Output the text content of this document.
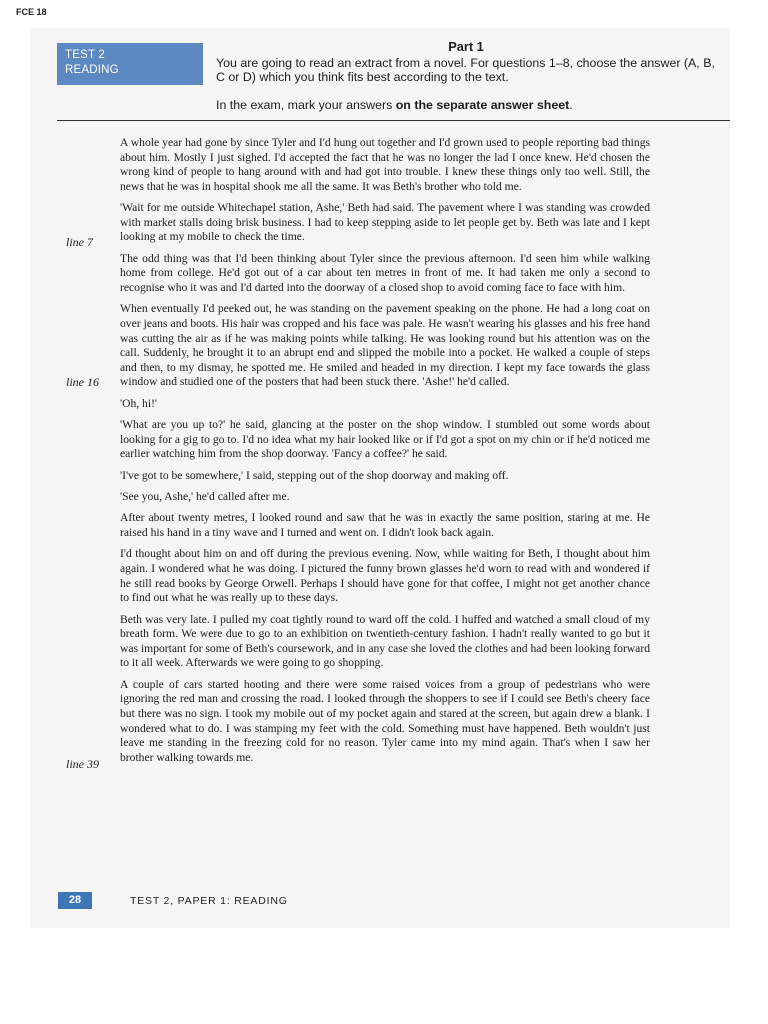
FCE 18
TEST 2
READING
Part 1

You are going to read an extract from a novel. For questions 1–8, choose the answer (A, B, C or D) which you think fits best according to the text.

In the exam, mark your answers on the separate answer sheet.

line 7
line 16
line 39

A whole year had gone by since Tyler and I'd hung out together and I'd grown used to people reporting bad things about him. Mostly I just sighed. I'd accepted the fact that he was no longer the lad I once knew. He'd chosen the wrong kind of people to hang around with and had got into trouble. I knew these things only too well. Still, the news that he was in hospital shook me all the same. It was Beth's brother who told me.

'Wait for me outside Whitechapel station, Ashe,' Beth had said. The pavement where I was standing was crowded with market stalls doing brisk business. I had to keep stepping aside to let people get by. Beth was late and I kept looking at my mobile to check the time.

The odd thing was that I'd been thinking about Tyler since the previous afternoon. I'd seen him while walking home from college. He'd got out of a car about ten metres in front of me. It had taken me only a second to recognise who it was and I'd darted into the doorway of a closed shop to avoid coming face to face with him.

When eventually I'd peeked out, he was standing on the pavement speaking on the phone. He had a long coat on over jeans and boots. His hair was cropped and his face was pale. He wasn't wearing his glasses and his free hand was cutting the air as if he was making points while talking. He was looking round but his attention was on the call. Suddenly, he brought it to an abrupt end and slipped the mobile into a pocket. He walked a couple of steps and then, to my dismay, he spotted me. He smiled and headed in my direction. I kept my face towards the glass window and studied one of the posters that had been stuck there. 'Ashe!' he'd called.

'Oh, hi!'

'What are you up to?' he said, glancing at the poster on the shop window. I stumbled out some words about looking for a gig to go to. I'd no idea what my hair looked like or if I'd got a spot on my chin or if he'd noticed me earlier watching him from the shop doorway. 'Fancy a coffee?' he said.

'I've got to be somewhere,' I said, stepping out of the shop doorway and making off.

'See you, Ashe,' he'd called after me.

After about twenty metres, I looked round and saw that he was in exactly the same position, staring at me. He raised his hand in a tiny wave and I turned and went on. I didn't look back again.

I'd thought about him on and off during the previous evening. Now, while waiting for Beth, I thought about him again. I wondered what he was doing. I pictured the funny brown glasses he'd worn to read with and wondered if he still read books by George Orwell. Perhaps I should have gone for that coffee, I might not get another chance to find out what he was really up to these days.

Beth was very late. I pulled my coat tightly round to ward off the cold. I huffed and watched a small cloud of my breath form. We were due to go to an exhibition on twentieth-century fashion. I hadn't really wanted to go but it was important for some of Beth's coursework, and in any case she loved the clothes and had been looking forward to it all week. Afterwards we were going to go shopping.

A couple of cars started hooting and there were some raised voices from a group of pedestrians who were ignoring the red man and crossing the road. I looked through the shoppers to see if I could see Beth's cheery face but there was no sign. I took my mobile out of my pocket again and stared at the screen, but again drew a blank. I wondered what to do. I was stamping my feet with the cold. Something must have happened. Beth wouldn't just leave me standing in the freezing cold for no reason. Tyler came into my mind again. That's when I saw her brother walking towards me.

28	TEST 2, PAPER 1: READING
